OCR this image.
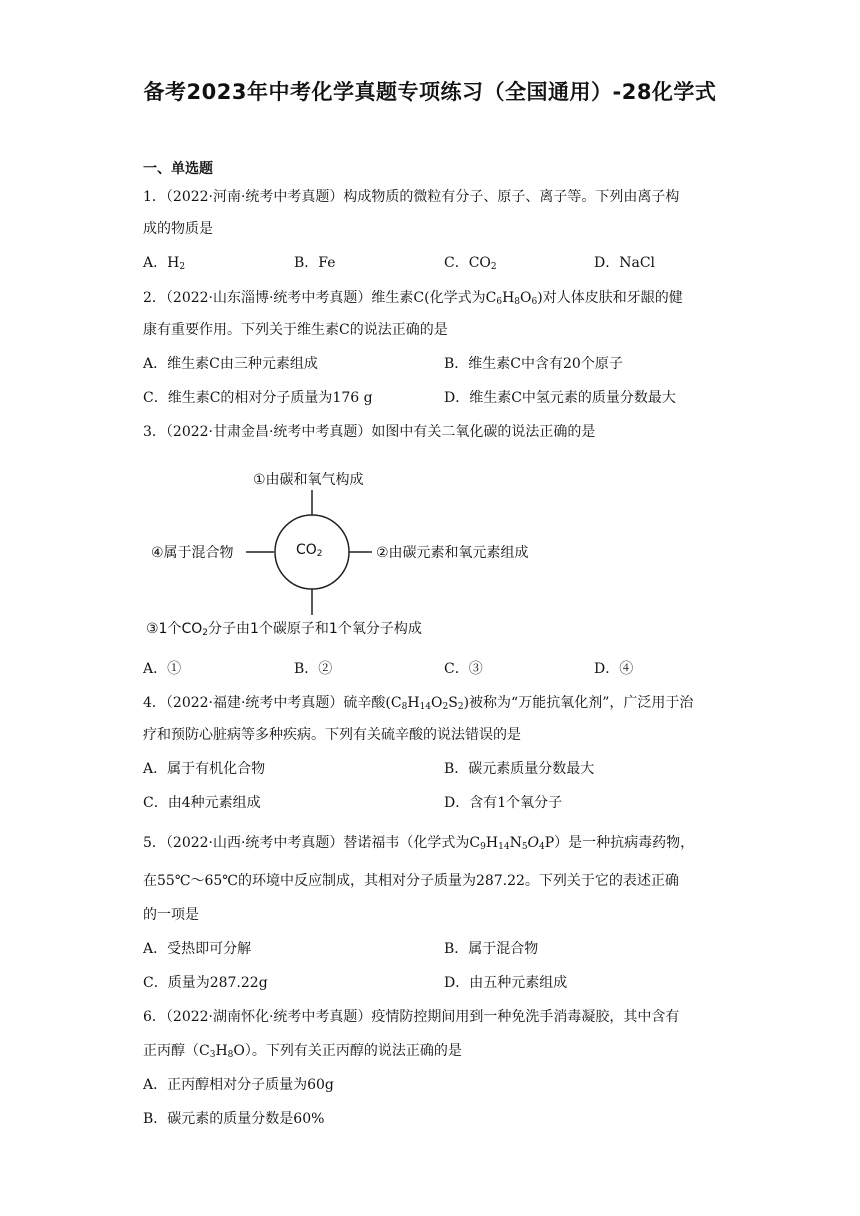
备考2023年中考化学真题专项练习（全国通用）-28化学式
一、单选题
1．（2022·河南·统考中考真题）构成物质的微粒有分子、原子、离子等。下列由离子构
成的物质是
A．$H_2$	B．Fe	C．$CO_2$	D．NaCl
2．（2022·山东淄博·统考中考真题）维生素C(化学式为$C_6H_8O_6$)对人体皮肤和牙龈的健
康有重要作用。下列关于维生素C的说法正确的是
A．维生素C由三种元素组成	B．维生素C中含有20个原子
C．维生素C的相对分子质量为176 g	D．维生素C中氢元素的质量分数最大
3．（2022·甘肃金昌·统考中考真题）如图中有关二氧化碳的说法正确的是
$CO_2$
①由碳和氧气构成
②由碳元素和氧元素组成
④属于混合物
③1个$CO_2$分子由1个碳原子和1个氧分子构成
A．①	B．②	C．③	D．④
4．（2022·福建·统考中考真题）硫辛酸$(C_8H_{14}O_2S_2)$被称为“万能抗氧化剂”，广泛用于治
疗和预防心脏病等多种疾病。下列有关硫辛酸的说法错误的是
A．属于有机化合物	B．碳元素质量分数最大
C．由4种元素组成	D．含有1个氧分子
5．（2022·山西·统考中考真题）替诺福韦（化学式为$C_9H_{14}N_5O_4P$）是一种抗病毒药物，
在55℃～65℃的环境中反应制成，其相对分子质量为287.22。下列关于它的表述正确
的一项是
A．受热即可分解	B．属于混合物
C．质量为287.22g	D．由五种元素组成
6．（2022·湖南怀化·统考中考真题）疫情防控期间用到一种免洗手消毒凝胶，其中含有
正丙醇$(C_3H_8O)$。下列有关正丙醇的说法正确的是
A．正丙醇相对分子质量为60g
B．碳元素的质量分数是60%
